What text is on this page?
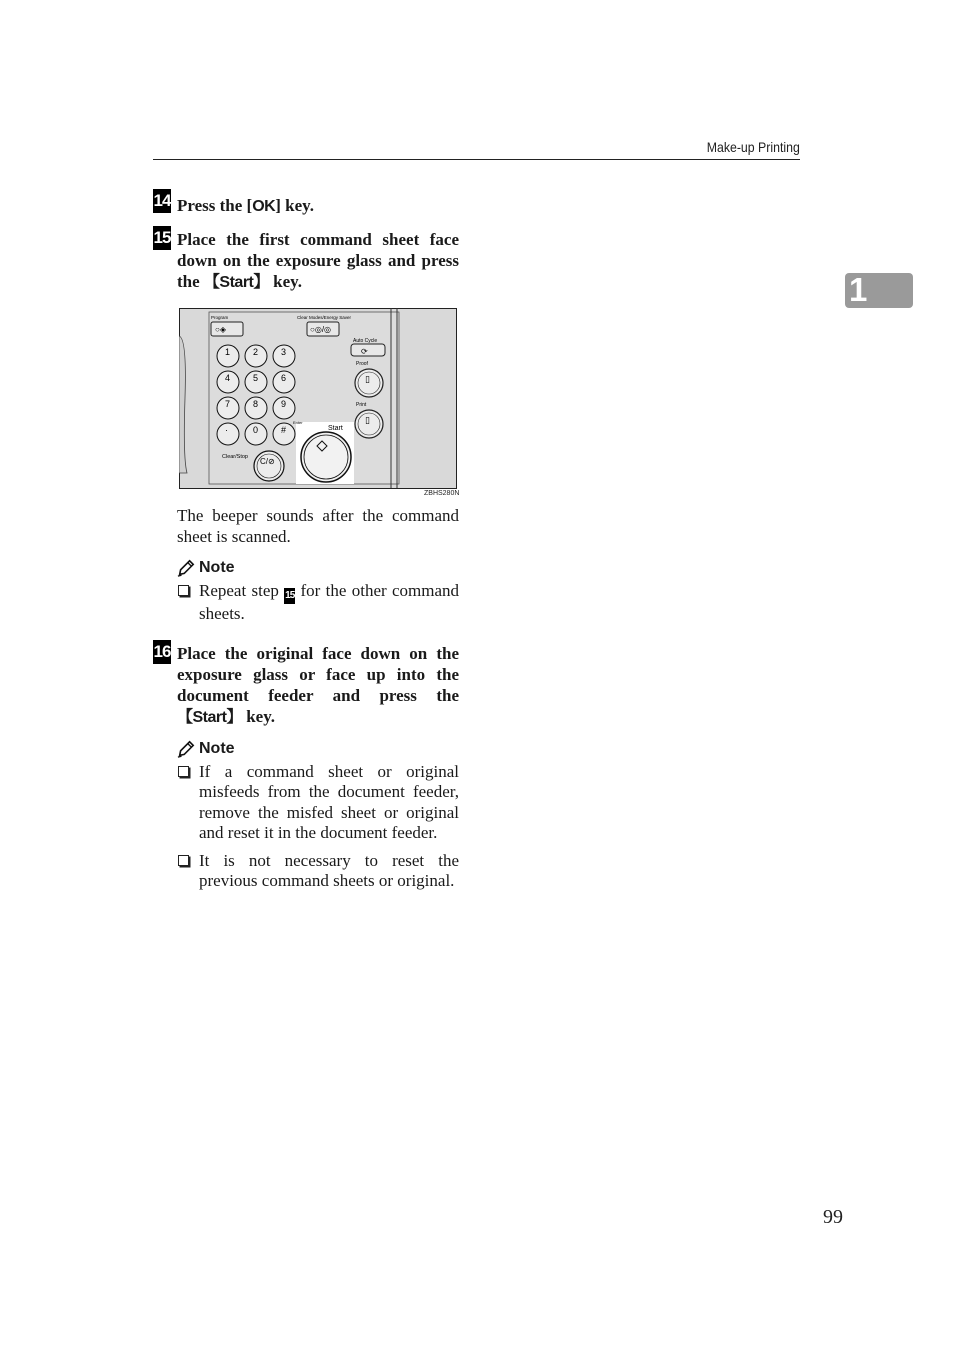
Make-up Printing
1
14 Press the [OK] key.
15 Place the first command sheet face down on the exposure glass and press the 【Start】 key.
The beeper sounds after the command sheet is scanned.
Note
Repeat step 15 for the other command sheets.
16 Place the original face down on the exposure glass or face up into the document feeder and press the 【Start】 key.
Note
If a command sheet or original misfeeds from the document feeder, remove the misfed sheet or original and reset it in the document feeder.
It is not necessary to reset the previous command sheets or original.
Program
○◈
Clear Modes/Energy Saver
○◎/◎
Auto Cycle
⟳
Proof
▯
Print
▯
1	2	3
4	5	6
7	8	9
·	0	#
Enter
Start
Clear/Stop C/⊘
ZBHS280N
99
